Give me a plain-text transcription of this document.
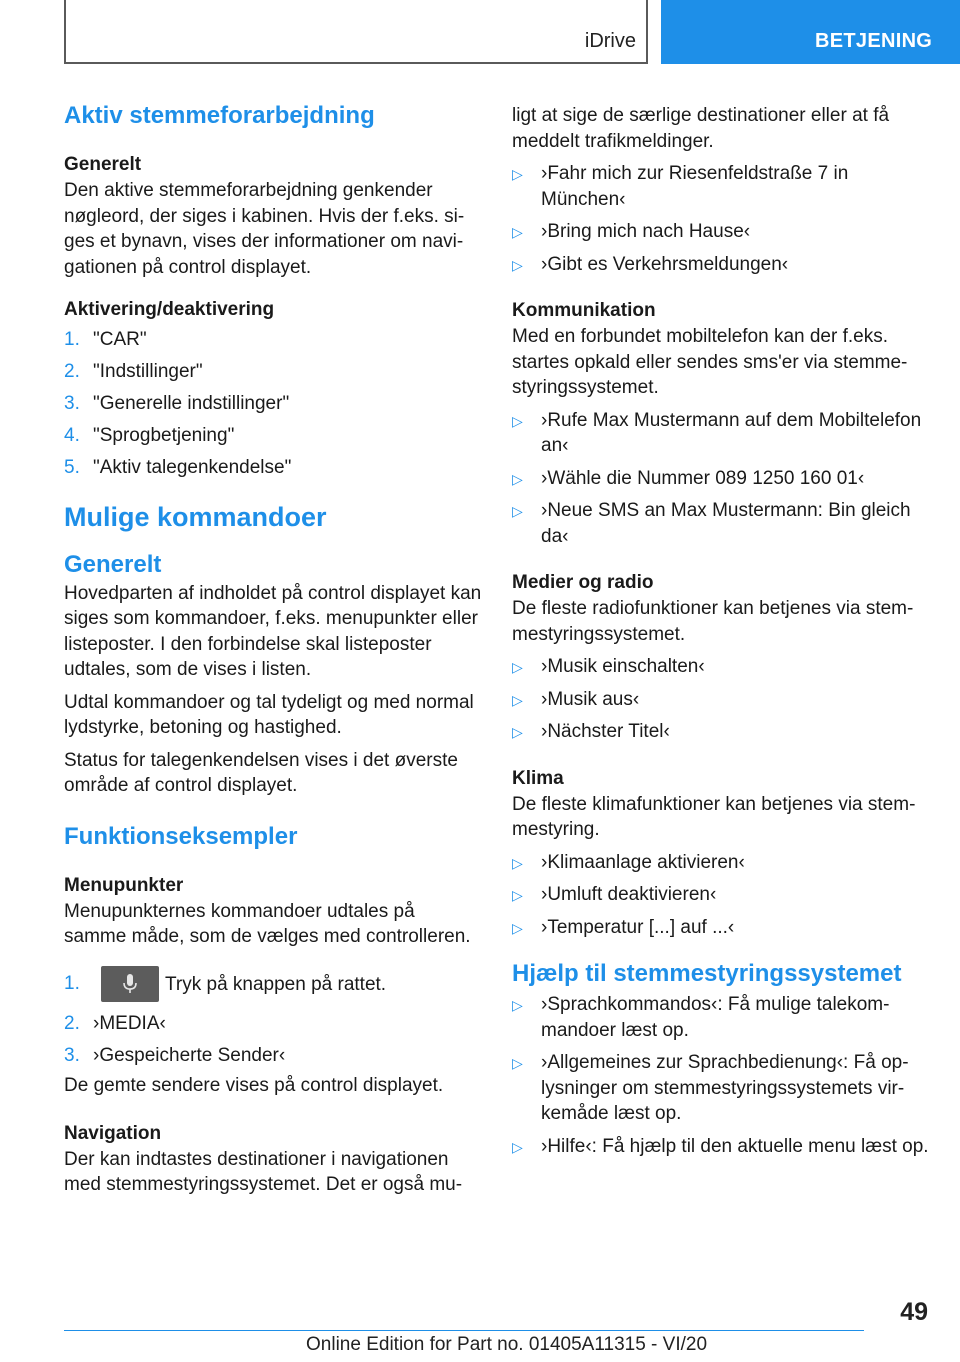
iDrive	BETJENING
Aktiv stemmeforarbejdning
Generelt

Den aktive stemmeforarbejdning genkender nøgleord, der siges i kabinen. Hvis der f.eks. si-ges et bynavn, vises der informationer om navi-gationen på control displayet.

Aktivering/deaktivering
1. "CAR"
2. "Indstillinger"
3. "Generelle indstillinger"
4. "Sprogbetjening"
5. "Aktiv talegenkendelse"
Mulige kommandoer
Generelt

Hovedparten af indholdet på control displayet kan siges som kommandoer, f.eks. menupunkter eller listeposter. I den forbindelse skal listeposter udtales, som de vises i listen.

Udtal kommandoer og tal tydeligt og med normal lydstyrke, betoning og hastighed.

Status for talegenkendelsen vises i det øverste område af control displayet.

Funktionseksempler
Menupunkter

Menupunkternes kommandoer udtales på samme måde, som de vælges med controlleren.

1.	Tryk på knappen på rattet.
2. ›MEDIA‹
3. ›Gespeicherte Sender‹

De gemte sendere vises på control displayet.

Navigation

Der kan indtastes destinationer i navigationen med stemmestyringssystemet. Det er også mu-

ligt at sige de særlige destinationer eller at få meddelt trafikmeldinger.

▷ ›Fahr mich zur Riesenfeldstraße 7 in München‹
▷ ›Bring mich nach Hause‹
▷ ›Gibt es Verkehrsmeldungen‹
Kommunikation

Med en forbundet mobiltelefon kan der f.eks. startes opkald eller sendes sms'er via stemme-styringssystemet.

▷ ›Rufe Max Mustermann auf dem Mobiltelefon an‹
▷ ›Wähle die Nummer 089 1250 160 01‹
▷ ›Neue SMS an Max Mustermann: Bin gleich da‹
Medier og radio

De fleste radiofunktioner kan betjenes via stem-mestyringssystemet.

▷ ›Musik einschalten‹
▷ ›Musik aus‹
▷ ›Nächster Titel‹
Klima

De fleste klimafunktioner kan betjenes via stem-mestyring.

▷ ›Klimaanlage aktivieren‹
▷ ›Umluft deaktivieren‹
▷ ›Temperatur [...] auf ...‹
Hjælp til stemmestyringssystemet
▷ ›Sprachkommandos‹: Få mulige talekom-mandoer læst op.
▷ ›Allgemeines zur Sprachbedienung‹: Få op-lysninger om stemmestyringssystemets vir-kemåde læst op.
▷ ›Hilfe‹: Få hjælp til den aktuelle menu læst op.
49
Online Edition for Part no. 01405A11315 - VI/20
